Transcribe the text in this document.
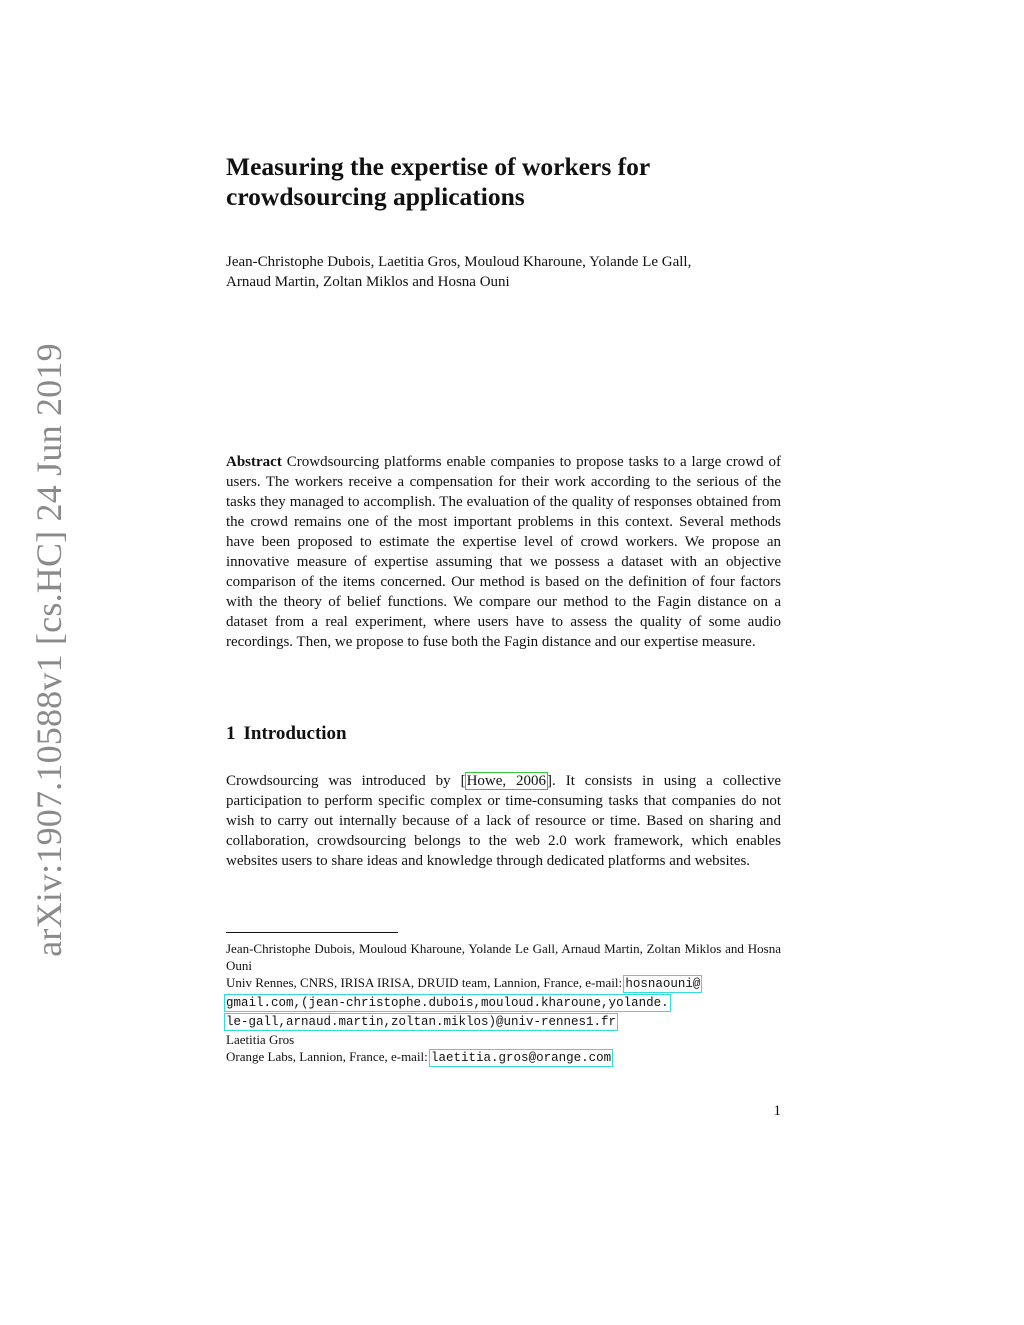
arXiv:1907.10588v1 [cs.HC] 24 Jun 2019
Measuring the expertise of workers for
crowdsourcing applications
Jean-Christophe Dubois, Laetitia Gros, Mouloud Kharoune, Yolande Le Gall,
Arnaud Martin, Zoltan Miklos and Hosna Ouni

Abstract Crowdsourcing platforms enable companies to propose tasks to a large crowd of users. The workers receive a compensation for their work according to the serious of the tasks they managed to accomplish. The evaluation of the quality of responses obtained from the crowd remains one of the most important problems in this context. Several methods have been proposed to estimate the expertise level of crowd workers. We propose an innovative measure of expertise assuming that we possess a dataset with an objective comparison of the items concerned. Our method is based on the definition of four factors with the theory of belief functions. We compare our method to the Fagin distance on a dataset from a real experiment, where users have to assess the quality of some audio recordings. Then, we propose to fuse both the Fagin distance and our expertise measure.

1 Introduction

Crowdsourcing was introduced by [Howe, 2006]. It consists in using a collective participation to perform specific complex or time-consuming tasks that companies do not wish to carry out internally because of a lack of resource or time. Based on sharing and collaboration, crowdsourcing belongs to the web 2.0 work framework, which enables websites users to share ideas and knowledge through dedicated platforms and websites.

Jean-Christophe Dubois, Mouloud Kharoune, Yolande Le Gall, Arnaud Martin, Zoltan Miklos and Hosna Ouni

Univ Rennes, CNRS, IRISA IRISA, DRUID team, Lannion, France, e-mail: hosnaouni@
gmail.com,(jean-christophe.dubois,mouloud.kharoune,yolande.
le-gall,arnaud.martin,zoltan.miklos)@univ-rennes1.fr

Laetitia Gros

Orange Labs, Lannion, France, e-mail: laetitia.gros@orange.com

1
